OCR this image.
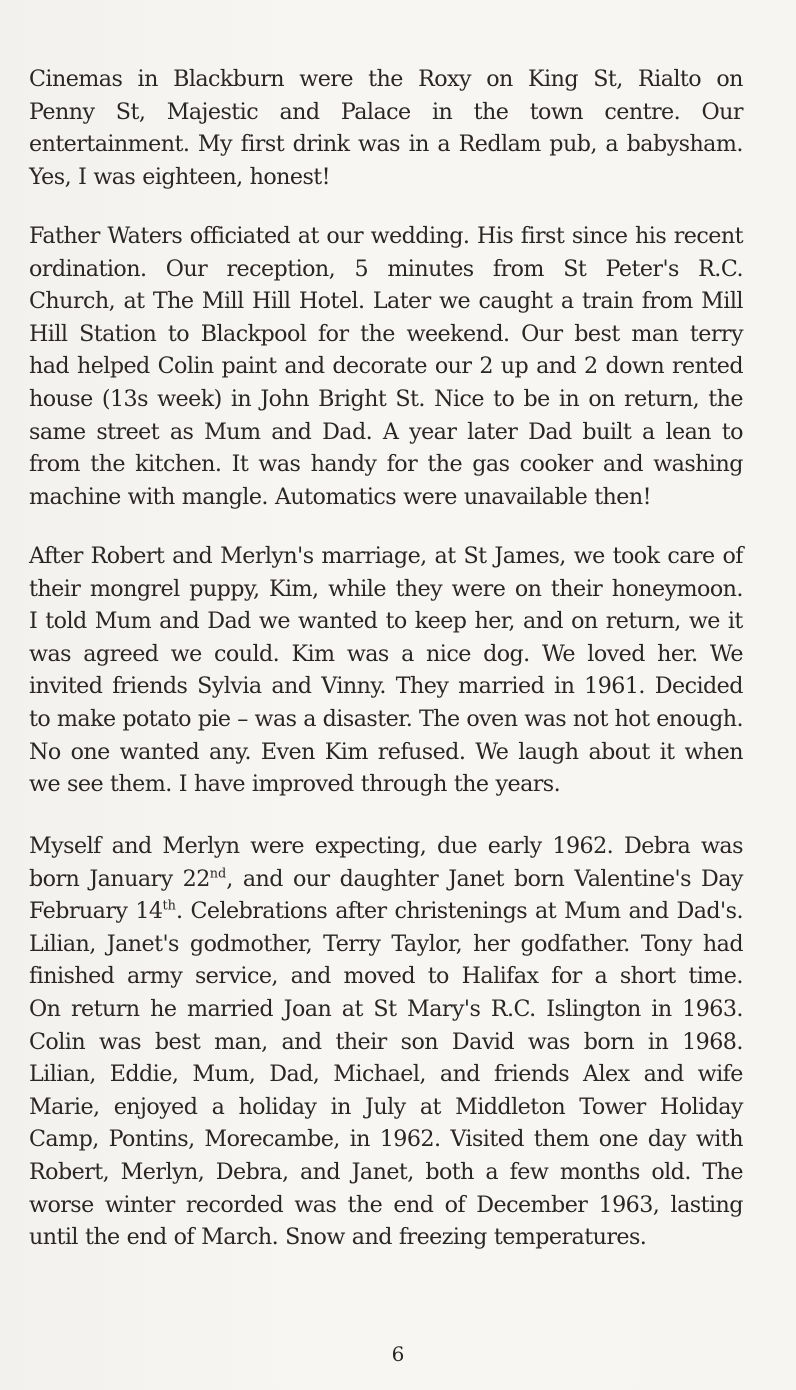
Cinemas in Blackburn were the Roxy on King St, Rialto on
Penny St, Majestic and Palace in the town centre. Our
entertainment. My first drink was in a Redlam pub, a babysham.
Yes, I was eighteen, honest!
Father Waters officiated at our wedding. His first since his recent
ordination. Our reception, 5 minutes from St Peter's R.C.
Church, at The Mill Hill Hotel. Later we caught a train from Mill
Hill Station to Blackpool for the weekend. Our best man terry
had helped Colin paint and decorate our 2 up and 2 down rented
house (13s week) in John Bright St. Nice to be in on return, the
same street as Mum and Dad. A year later Dad built a lean to
from the kitchen. It was handy for the gas cooker and washing
machine with mangle. Automatics were unavailable then!
After Robert and Merlyn's marriage, at St James, we took care of
their mongrel puppy, Kim, while they were on their honeymoon.
I told Mum and Dad we wanted to keep her, and on return, we it
was agreed we could. Kim was a nice dog. We loved her. We
invited friends Sylvia and Vinny. They married in 1961. Decided
to make potato pie – was a disaster. The oven was not hot enough.
No one wanted any. Even Kim refused. We laugh about it when
we see them. I have improved through the years.
Myself and Merlyn were expecting, due early 1962. Debra was
born January 22nd, and our daughter Janet born Valentine's Day
February 14th. Celebrations after christenings at Mum and Dad's.
Lilian, Janet's godmother, Terry Taylor, her godfather. Tony had
finished army service, and moved to Halifax for a short time.
On return he married Joan at St Mary's R.C. Islington in 1963.
Colin was best man, and their son David was born in 1968.
Lilian, Eddie, Mum, Dad, Michael, and friends Alex and wife
Marie, enjoyed a holiday in July at Middleton Tower Holiday
Camp, Pontins, Morecambe, in 1962. Visited them one day with
Robert, Merlyn, Debra, and Janet, both a few months old. The
worse winter recorded was the end of December 1963, lasting
until the end of March. Snow and freezing temperatures.
6
